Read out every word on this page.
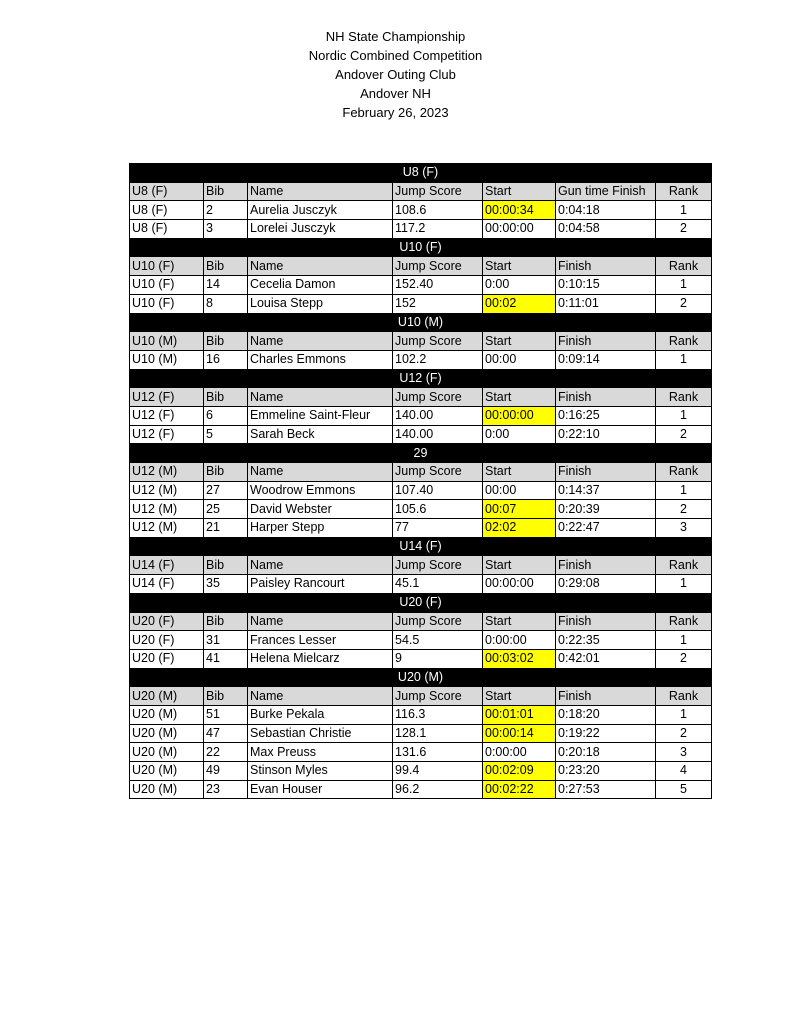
NH State Championship
Nordic Combined Competition
Andover Outing Club
Andover NH
February 26, 2023
U8 (F)						
U8 (F)	Bib	Name	Jump Score	Start	Gun time Finish	Rank
U8 (F)	2	Aurelia Jusczyk	108.6	00:00:34	0:04:18	1
U8 (F)	3	Lorelei Jusczyk	117.2	00:00:00	0:04:58	2
U10 (F)						
U10 (F)	Bib	Name	Jump Score	Start	Finish	Rank
U10 (F)	14	Cecelia Damon	152.40	0:00	0:10:15	1
U10 (F)	8	Louisa Stepp	152	00:02	0:11:01	2
U10 (M)						
U10 (M)	Bib	Name	Jump Score	Start	Finish	Rank
U10 (M)	16	Charles Emmons	102.2	00:00	0:09:14	1
U12 (F)						
U12 (F)	Bib	Name	Jump Score	Start	Finish	Rank
U12 (F)	6	Emmeline Saint-Fleur	140.00	00:00:00	0:16:25	1
U12 (F)	5	Sarah Beck	140.00	0:00	0:22:10	2
29						
U12 (M)	Bib	Name	Jump Score	Start	Finish	Rank
U12 (M)	27	Woodrow Emmons	107.40	00:00	0:14:37	1
U12 (M)	25	David Webster	105.6	00:07	0:20:39	2
U12 (M)	21	Harper Stepp	77	02:02	0:22:47	3
U14 (F)						
U14 (F)	Bib	Name	Jump Score	Start	Finish	Rank
U14 (F)	35	Paisley Rancourt	45.1	00:00:00	0:29:08	1
U20 (F)						
U20 (F)	Bib	Name	Jump Score	Start	Finish	Rank
U20 (F)	31	Frances Lesser	54.5	0:00:00	0:22:35	1
U20 (F)	41	Helena Mielcarz	9	00:03:02	0:42:01	2
U20 (M)						
U20 (M)	Bib	Name	Jump Score	Start	Finish	Rank
U20 (M)	51	Burke Pekala	116.3	00:01:01	0:18:20	1
U20 (M)	47	Sebastian Christie	128.1	00:00:14	0:19:22	2
U20 (M)	22	Max Preuss	131.6	0:00:00	0:20:18	3
U20 (M)	49	Stinson Myles	99.4	00:02:09	0:23:20	4
U20 (M)	23	Evan Houser	96.2	00:02:22	0:27:53	5
